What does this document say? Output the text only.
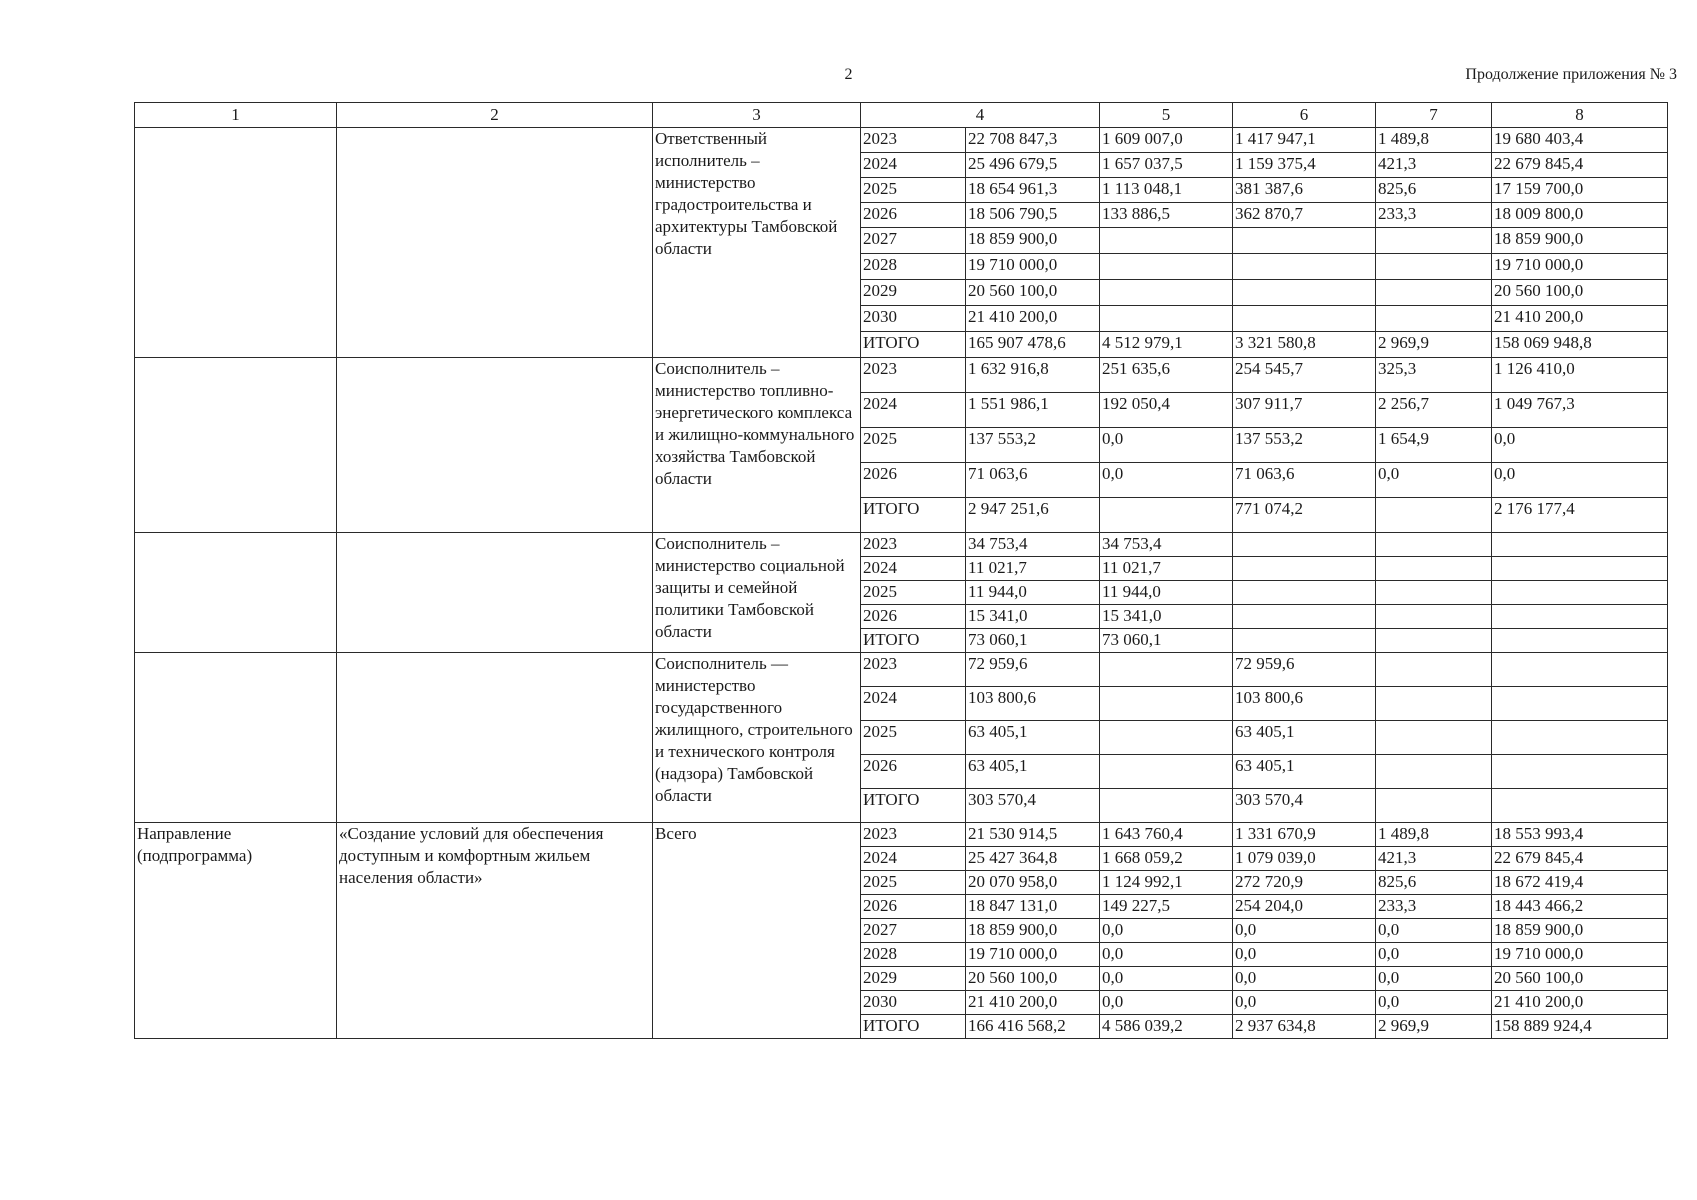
2	Продолжение приложения № 3
1	2	3	4		5	6	7	8
		Ответственный исполнитель – министерство градостроительства и архитектуры Тамбовской области	2023	22 708 847,3	1 609 007,0	1 417 947,1	1 489,8	19 680 403,4
			2024	25 496 679,5	1 657 037,5	1 159 375,4	421,3	22 679 845,4
			2025	18 654 961,3	1 113 048,1	381 387,6	825,6	17 159 700,0
			2026	18 506 790,5	133 886,5	362 870,7	233,3	18 009 800,0
			2027	18 859 900,0				18 859 900,0
			2028	19 710 000,0				19 710 000,0
			2029	20 560 100,0				20 560 100,0
			2030	21 410 200,0				21 410 200,0
			ИТОГО	165 907 478,6	4 512 979,1	3 321 580,8	2 969,9	158 069 948,8
		Соисполнитель – министерство топливно-энергетического комплекса и жилищно-коммунального хозяйства Тамбовской области	2023	1 632 916,8	251 635,6	254 545,7	325,3	1 126 410,0
			2024	1 551 986,1	192 050,4	307 911,7	2 256,7	1 049 767,3
			2025	137 553,2	0,0	137 553,2	1 654,9	0,0
			2026	71 063,6	0,0	71 063,6	0,0	0,0
			ИТОГО	2 947 251,6		771 074,2		2 176 177,4
		Соисполнитель – министерство социальной защиты и семейной политики Тамбовской области	2023	34 753,4	34 753,4			
			2024	11 021,7	11 021,7			
			2025	11 944,0	11 944,0			
			2026	15 341,0	15 341,0			
			ИТОГО	73 060,1	73 060,1			
		Соисполнитель — министерство государственного жилищного, строительного и технического контроля (надзора) Тамбовской области	2023	72 959,6		72 959,6		
			2024	103 800,6		103 800,6		
			2025	63 405,1		63 405,1		
			2026	63 405,1		63 405,1		
			ИТОГО	303 570,4		303 570,4		
Направление (подпрограмма)	«Создание условий для обеспечения доступным и комфортным жильем населения области»	Всего	2023	21 530 914,5	1 643 760,4	1 331 670,9	1 489,8	18 553 993,4
			2024	25 427 364,8	1 668 059,2	1 079 039,0	421,3	22 679 845,4
			2025	20 070 958,0	1 124 992,1	272 720,9	825,6	18 672 419,4
			2026	18 847 131,0	149 227,5	254 204,0	233,3	18 443 466,2
			2027	18 859 900,0	0,0	0,0	0,0	18 859 900,0
			2028	19 710 000,0	0,0	0,0	0,0	19 710 000,0
			2029	20 560 100,0	0,0	0,0	0,0	20 560 100,0
			2030	21 410 200,0	0,0	0,0	0,0	21 410 200,0
			ИТОГО	166 416 568,2	4 586 039,2	2 937 634,8	2 969,9	158 889 924,4
